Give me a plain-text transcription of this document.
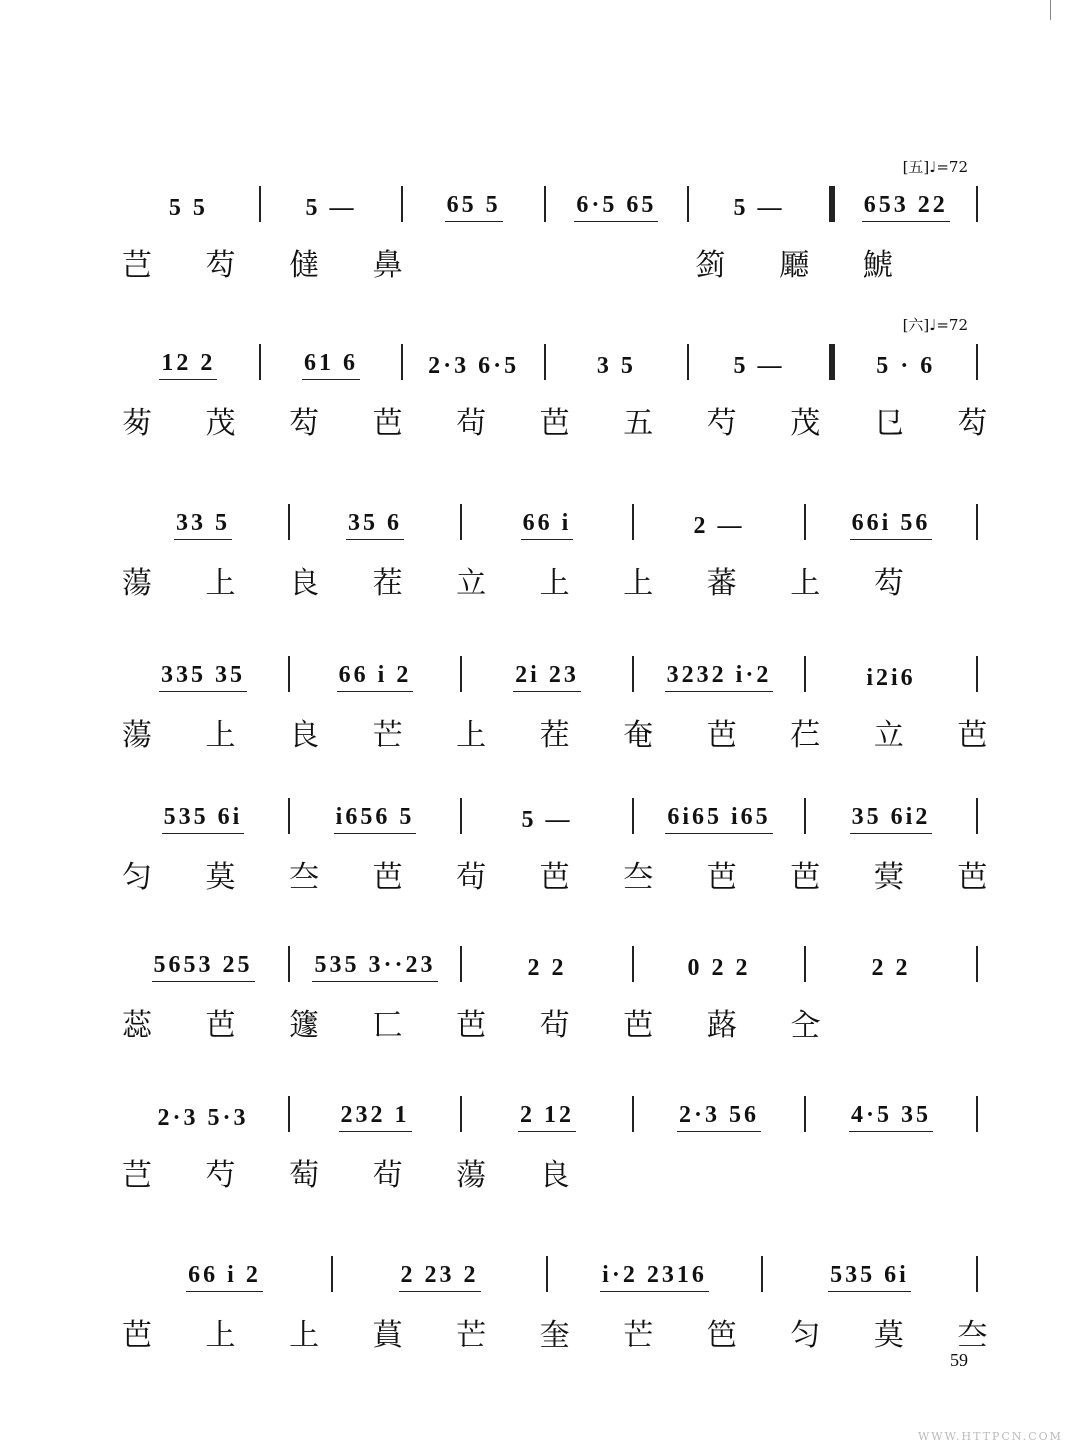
[五]♩=72
5 5	5 —	65 5	6·5 65	5 —	653 22
芑 芶 㒓 鼻 　　　　 䈩 㕔 鯱
[六]♩=72
12 2	61 6	2·3 6·5	3 5	5 —	5 · 6
茐 茂 芶 芭 茍 芭 五 芍 茂 㔾 芶
33 5	35 6	66 i	2 —	66i 56
蕩 上 良 茬 立 上 上 蕃 上 芶
335 35	66 i 2	2i 23	3232 i·2	i2i6
蕩 上 良 芒 上 茬 奄 芭 芢 立 芭
535 6i	i656 5	5 —	6i65 i65	35 6i2
匀 莫 夳 芭 茍 芭 夳 芭 芭 蓂 芭
5653 25	535 3··23	2 2	0 2 2	2 2
蕊 芭 籧 匸 芭 茍 芭 蕗 㒰
2·3 5·3	232 1	2 12	2·3 56	4·5 35
芑 芍 萄 茍 蕩 良
66 i 2	2 23 2	i·2 2316	535 6i
芭 上 上 蒷 芒 奎 芒 笆 匀 莫 夳
59
WWW.HTTPCN.COM
